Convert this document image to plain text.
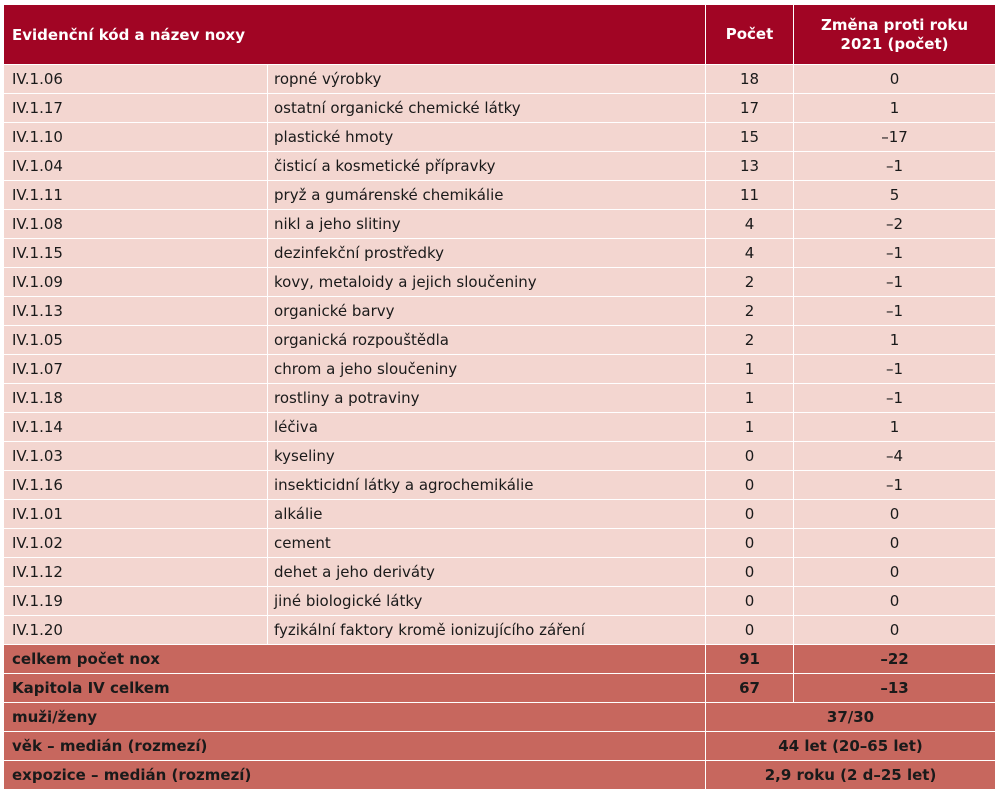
Evidenční kód a název noxy		Počet	Změna proti roku 2021 (počet)
IV.1.06	ropné výrobky	18	0
IV.1.17	ostatní organické chemické látky	17	1
IV.1.10	plastické hmoty	15	–17
IV.1.04	čisticí a kosmetické přípravky	13	–1
IV.1.11	pryž a gumárenské chemikálie	11	5
IV.1.08	nikl a jeho slitiny	4	–2
IV.1.15	dezinfekční prostředky	4	–1
IV.1.09	kovy, metaloidy a jejich sloučeniny	2	–1
IV.1.13	organické barvy	2	–1
IV.1.05	organická rozpouštědla	2	1
IV.1.07	chrom a jeho sloučeniny	1	–1
IV.1.18	rostliny a potraviny	1	–1
IV.1.14	léčiva	1	1
IV.1.03	kyseliny	0	–4
IV.1.16	insekticidní látky a agrochemikálie	0	–1
IV.1.01	alkálie	0	0
IV.1.02	cement	0	0
IV.1.12	dehet a jeho deriváty	0	0
IV.1.19	jiné biologické látky	0	0
IV.1.20	fyzikální faktory kromě ionizujícího záření	0	0
celkem počet nox		91	–22
Kapitola IV celkem		67	–13
muži/ženy		37/30	
věk – medián (rozmezí)		44 let (20–65 let)	
expozice – medián (rozmezí)		2,9 roku (2 d–25 let)	
